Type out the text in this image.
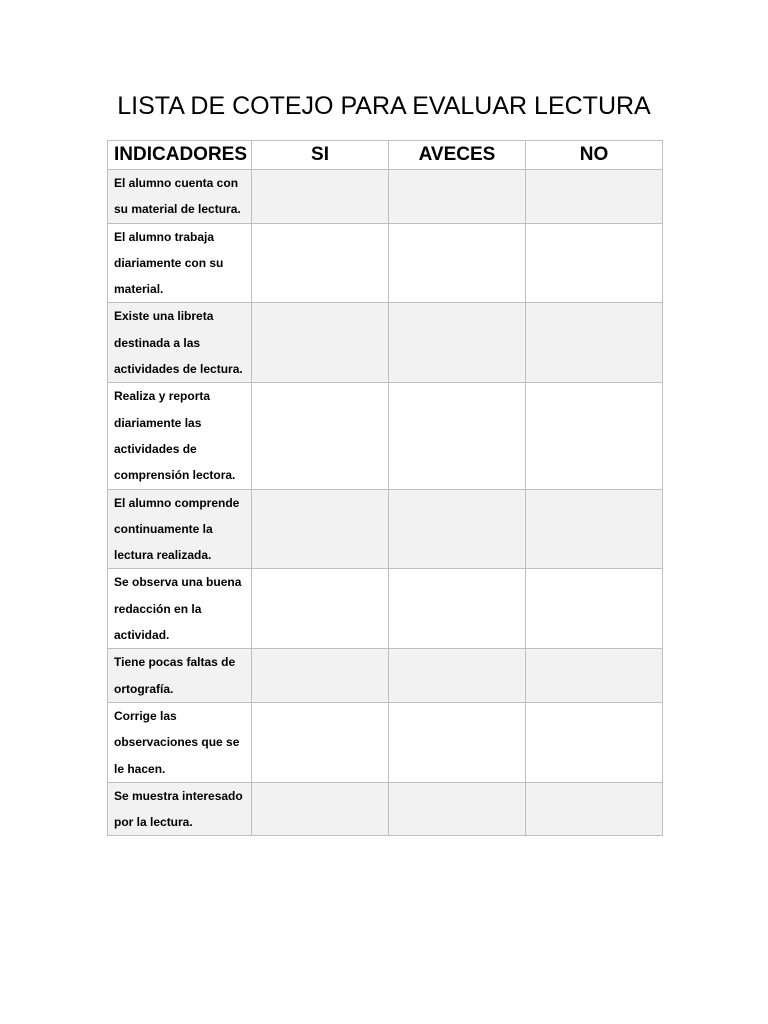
LISTA DE COTEJO PARA EVALUAR LECTURA
INDICADORES	SI	AVECES	NO
El alumno cuenta con su material de lectura.			
El alumno trabaja diariamente con su material.			
Existe una libreta destinada a las actividades de lectura.			
Realiza y reporta diariamente las actividades de comprensión lectora.			
El alumno comprende continuamente la lectura realizada.			
Se observa una buena redacción en la actividad.			
Tiene pocas faltas de ortografía.			
Corrige las observaciones que se le hacen.			
Se muestra interesado por la lectura.			
